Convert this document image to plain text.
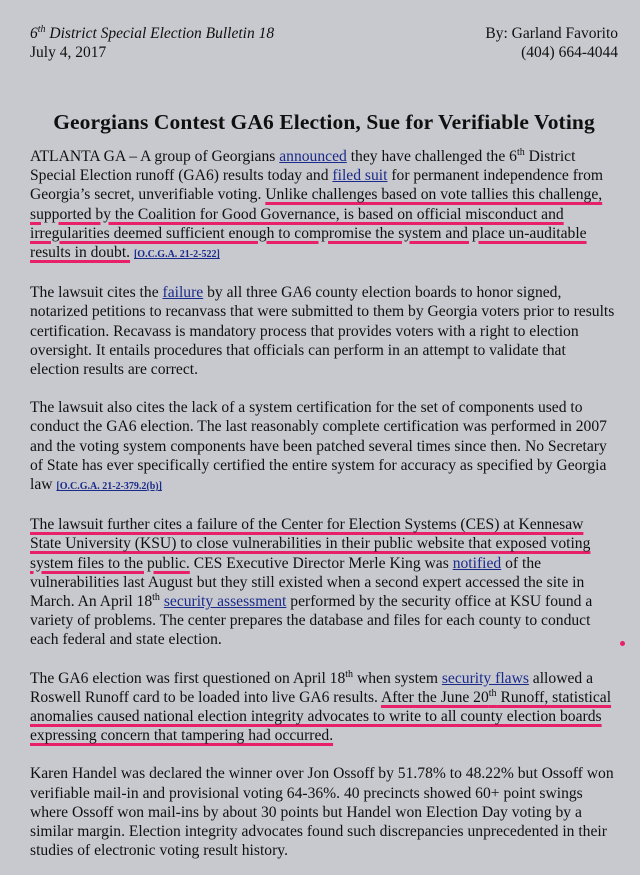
6th District Special Election Bulletin 18
July 4, 2017
By: Garland Favorito
(404) 664-4044
Georgians Contest GA6 Election, Sue for Verifiable Voting

ATLANTA GA – A group of Georgians announced they have challenged the 6th District Special Election runoff (GA6) results today and filed suit for permanent independence from Georgia’s secret, unverifiable voting. Unlike challenges based on vote tallies this challenge, supported by the Coalition for Good Governance, is based on official misconduct and irregularities deemed sufficient enough to compromise the system and place un-auditable results in doubt. [O.C.G.A. 21-2-522]

The lawsuit cites the failure by all three GA6 county election boards to honor signed, notarized petitions to recanvass that were submitted to them by Georgia voters prior to results certification. Recavass is mandatory process that provides voters with a right to election oversight. It entails procedures that officials can perform in an attempt to validate that election results are correct.

The lawsuit also cites the lack of a system certification for the set of components used to conduct the GA6 election. The last reasonably complete certification was performed in 2007 and the voting system components have been patched several times since then. No Secretary of State has ever specifically certified the entire system for accuracy as specified by Georgia law [O.C.G.A. 21-2-379.2(b)]

The lawsuit further cites a failure of the Center for Election Systems (CES) at Kennesaw State University (KSU) to close vulnerabilities in their public website that exposed voting system files to the public. CES Executive Director Merle King was notified of the vulnerabilities last August but they still existed when a second expert accessed the site in March. An April 18th security assessment performed by the security office at KSU found a variety of problems. The center prepares the database and files for each county to conduct each federal and state election.

The GA6 election was first questioned on April 18th when system security flaws allowed a Roswell Runoff card to be loaded into live GA6 results. After the June 20th Runoff, statistical anomalies caused national election integrity advocates to write to all county election boards expressing concern that tampering had occurred.

Karen Handel was declared the winner over Jon Ossoff by 51.78% to 48.22% but Ossoff won verifiable mail-in and provisional voting 64-36%. 40 precincts showed 60+ point swings where Ossoff won mail-ins by about 30 points but Handel won Election Day voting by a similar margin. Election integrity advocates found such discrepancies unprecedented in their studies of electronic voting result history.
